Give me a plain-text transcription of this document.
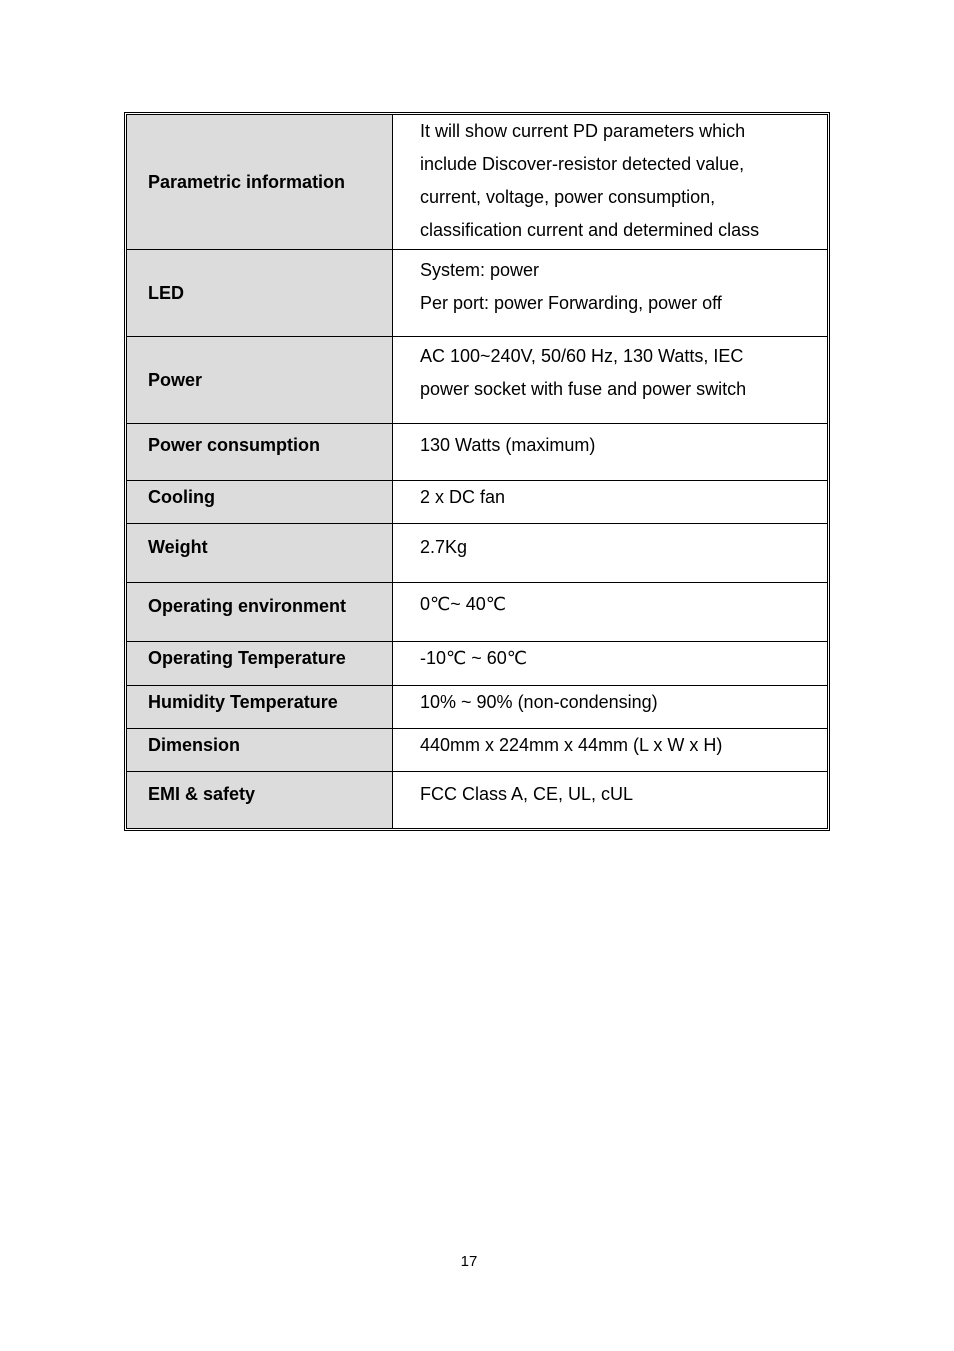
Parametric information	It will show current PD parameters which
include Discover-resistor detected value,
current, voltage, power consumption,
classification current and determined class

LED	System: power
Per port: power Forwarding, power off

Power	AC 100~240V, 50/60 Hz, 130 Watts, IEC
power socket with fuse and power switch

Power consumption	130 Watts (maximum)

Cooling	2 x DC fan

Weight	2.7Kg

Operating environment	0℃~ 40℃

Operating Temperature	-10℃ ~ 60℃

Humidity Temperature	10% ~ 90% (non-condensing)

Dimension	440mm x 224mm x 44mm (L x W x H)

EMI & safety	FCC Class A, CE, UL, cUL
17
